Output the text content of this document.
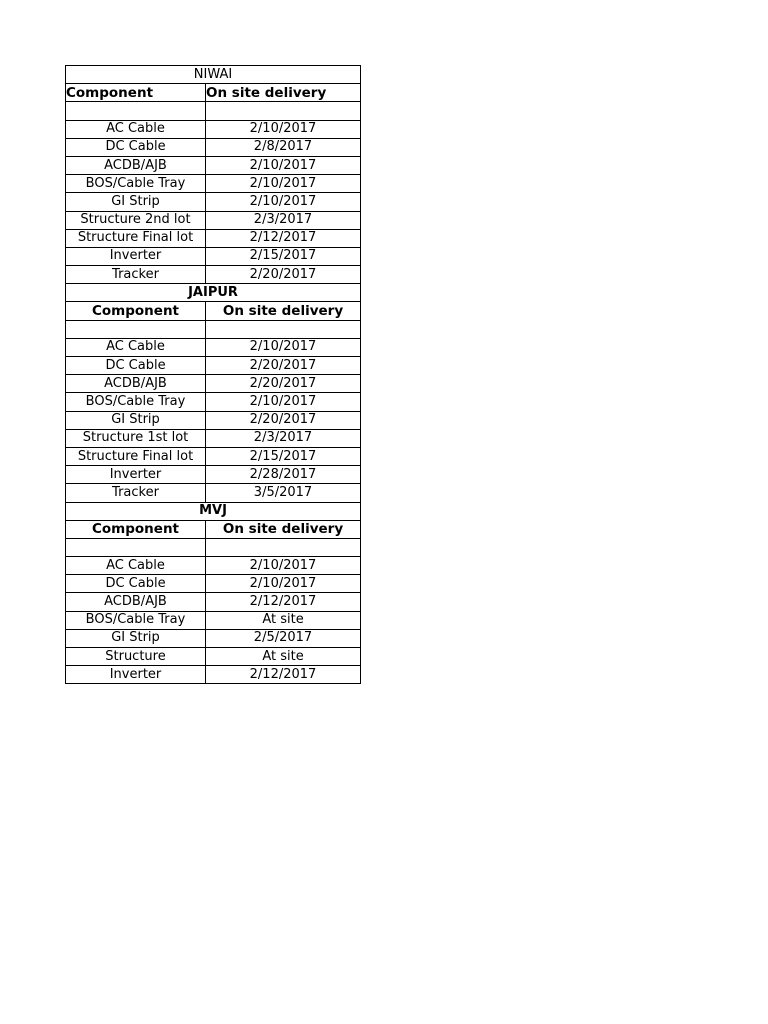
NIWAI	
Component	On site delivery

AC Cable	2/10/2017
DC Cable	2/8/2017
ACDB/AJB	2/10/2017
BOS/Cable Tray	2/10/2017
GI Strip	2/10/2017
Structure 2nd lot	2/3/2017
Structure Final lot	2/12/2017
Inverter	2/15/2017
Tracker	2/20/2017
JAIPUR	
Component	On site delivery

AC Cable	2/10/2017
DC Cable	2/20/2017
ACDB/AJB	2/20/2017
BOS/Cable Tray	2/10/2017
GI Strip	2/20/2017
Structure 1st lot	2/3/2017
Structure Final lot	2/15/2017
Inverter	2/28/2017
Tracker	3/5/2017
MVJ	
Component	On site delivery

AC Cable	2/10/2017
DC Cable	2/10/2017
ACDB/AJB	2/12/2017
BOS/Cable Tray	At site
GI Strip	2/5/2017
Structure	At site
Inverter	2/12/2017
